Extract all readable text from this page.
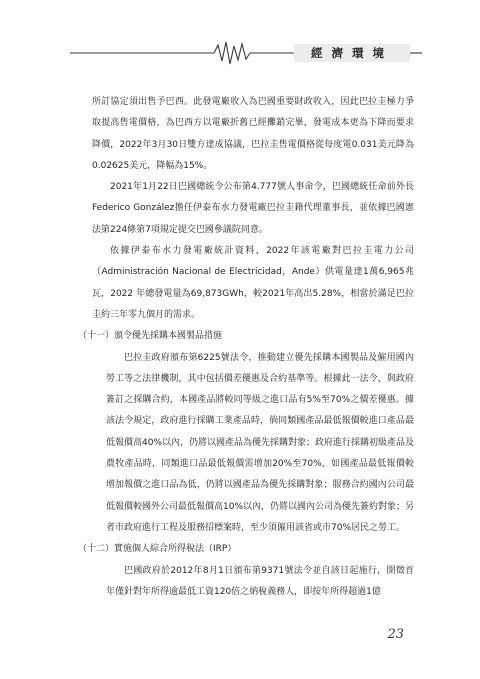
經濟環境
所訂協定須出售予巴西。此發電廠收入為巴國重要財政收入，因此巴拉圭極力爭取提高售電價格，為巴西方以電廠折舊已經攤銷完畢，發電成本更為下降而要求降價，2022年3月30日雙方達成協議，巴拉圭售電價格從每度電0.031美元降為0.02625美元，降幅為15%。
2021年1月22日巴國總統令公布第4.777號人事命令，巴國總統任命前外長Federico González擔任伊泰布水力發電廠巴拉圭籍代理董事長，並依據巴國憲法第224條第7項規定提交巴國參議院同意。
依據伊泰布水力發電廠統計資料，2022年該電廠對巴拉圭電力公司（Administración Nacional de Electricidad，Ande）供電量達1萬6,965兆瓦，2022 年總發電量為69,873GWh，較2021年高出5.28%，相當於滿足巴拉圭約三年零九個月的需求。
（十一）頒令優先採購本國製品措施
巴拉圭政府頒布第6225號法令，推動建立優先採購本國製品及僱用國內勞工等之法律機制，其中包括價差優惠及合約基準等。根據此一法令，與政府簽訂之採購合約，本國產品將較同等級之進口品有5%至70%之價差優惠。據該法令規定，政府進行採購工業產品時，倘同類國產品最低報價較進口產品最低報價高40%以內，仍將以國產品為優先採購對象；政府進行採購初級產品及農牧產品時，同類進口品最低報價需增加20%至70%，如國產品最低報價較增加報價之進口品為低，仍將以國產品為優先採購對象；服務合約國內公司最低報價較國外公司最低報價高10%以內，仍將以國內公司為優先簽約對象；另者市政府進行工程及服務招標案時，至少須僱用該省或市70%居民之勞工。
（十二）實施個人綜合所得稅法（IRP）
巴國政府於2012年8月1日頒布第9371號法令並自該日起施行，開徵首年僅針對年所得逾最低工資120倍之納稅義務人，即按年所得超過1億
23
